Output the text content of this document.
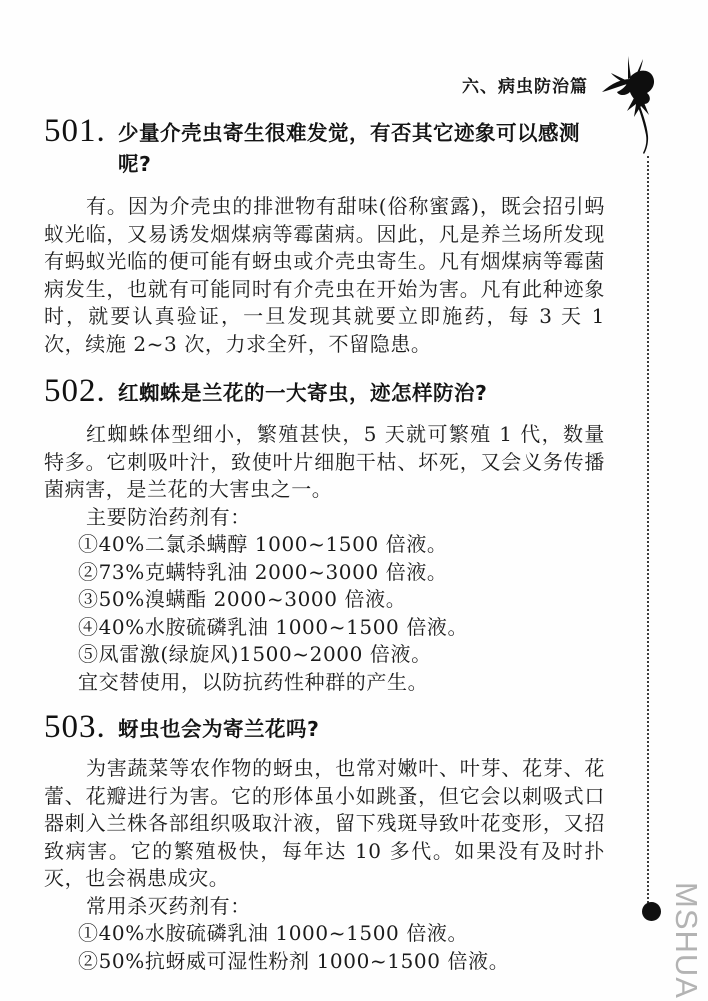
六、病虫防治篇
MSHUA
501. 少量介壳虫寄生很难发觉，有否其它迹象可以感测呢?

有。因为介壳虫的排泄物有甜味(俗称蜜露)，既会招引蚂蚁光临，又易诱发烟煤病等霉菌病。因此，凡是养兰场所发现有蚂蚁光临的便可能有蚜虫或介壳虫寄生。凡有烟煤病等霉菌病发生，也就有可能同时有介壳虫在开始为害。凡有此种迹象时，就要认真验证，一旦发现其就要立即施药，每 3 天 1 次，续施 2~3 次，力求全歼，不留隐患。

502. 红蜘蛛是兰花的一大寄虫，迹怎样防治?

红蜘蛛体型细小，繁殖甚快，5 天就可繁殖 1 代，数量特多。它刺吸叶汁，致使叶片细胞干枯、坏死，又会义务传播菌病害，是兰花的大害虫之一。

主要防治药剂有：

①40%二氯杀螨醇 1000~1500 倍液。
②73%克螨特乳油 2000~3000 倍液。
③50%溴螨酯 2000~3000 倍液。
④40%水胺硫磷乳油 1000~1500 倍液。
⑤凤雷激(绿旋风)1500~2000 倍液。

宜交替使用，以防抗药性种群的产生。

503. 蚜虫也会为寄兰花吗?

为害蔬菜等农作物的蚜虫，也常对嫩叶、叶芽、花芽、花蕾、花瓣进行为害。它的形体虽小如跳蚤，但它会以刺吸式口器刺入兰株各部组织吸取汁液，留下残斑导致叶花变形，又招致病害。它的繁殖极快，每年达 10 多代。如果没有及时扑灭，也会祸患成灾。

常用杀灭药剂有：

①40%水胺硫磷乳油 1000~1500 倍液。
②50%抗蚜威可湿性粉剂 1000~1500 倍液。
